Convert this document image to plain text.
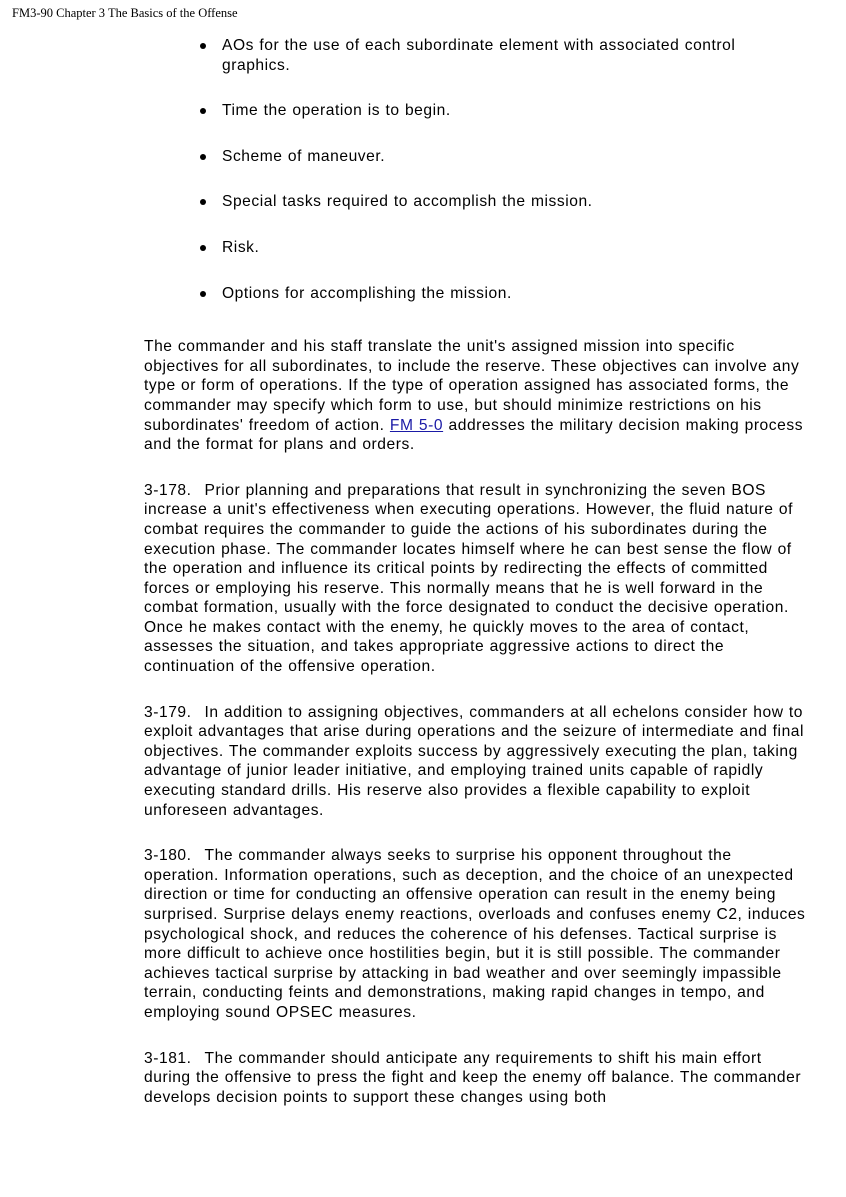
FM3-90 Chapter 3 The Basics of the Offense
AOs for the use of each subordinate element with associated control graphics.
Time the operation is to begin.
Scheme of maneuver.
Special tasks required to accomplish the mission.
Risk.
Options for accomplishing the mission.

The commander and his staff translate the unit's assigned mission into specific objectives for all subordinates, to include the reserve. These objectives can involve any type or form of operations. If the type of operation assigned has associated forms, the commander may specify which form to use, but should minimize restrictions on his subordinates' freedom of action. FM 5-0 addresses the military decision making process and the format for plans and orders.

3-178. Prior planning and preparations that result in synchronizing the seven BOS increase a unit's effectiveness when executing operations. However, the fluid nature of combat requires the commander to guide the actions of his subordinates during the execution phase. The commander locates himself where he can best sense the flow of the operation and influence its critical points by redirecting the effects of committed forces or employing his reserve. This normally means that he is well forward in the combat formation, usually with the force designated to conduct the decisive operation. Once he makes contact with the enemy, he quickly moves to the area of contact, assesses the situation, and takes appropriate aggressive actions to direct the continuation of the offensive operation.

3-179. In addition to assigning objectives, commanders at all echelons consider how to exploit advantages that arise during operations and the seizure of intermediate and final objectives. The commander exploits success by aggressively executing the plan, taking advantage of junior leader initiative, and employing trained units capable of rapidly executing standard drills. His reserve also provides a flexible capability to exploit unforeseen advantages.

3-180. The commander always seeks to surprise his opponent throughout the operation. Information operations, such as deception, and the choice of an unexpected direction or time for conducting an offensive operation can result in the enemy being surprised. Surprise delays enemy reactions, overloads and confuses enemy C2, induces psychological shock, and reduces the coherence of his defenses. Tactical surprise is more difficult to achieve once hostilities begin, but it is still possible. The commander achieves tactical surprise by attacking in bad weather and over seemingly impassible terrain, conducting feints and demonstrations, making rapid changes in tempo, and employing sound OPSEC measures.

3-181. The commander should anticipate any requirements to shift his main effort during the offensive to press the fight and keep the enemy off balance. The commander develops decision points to support these changes using both
